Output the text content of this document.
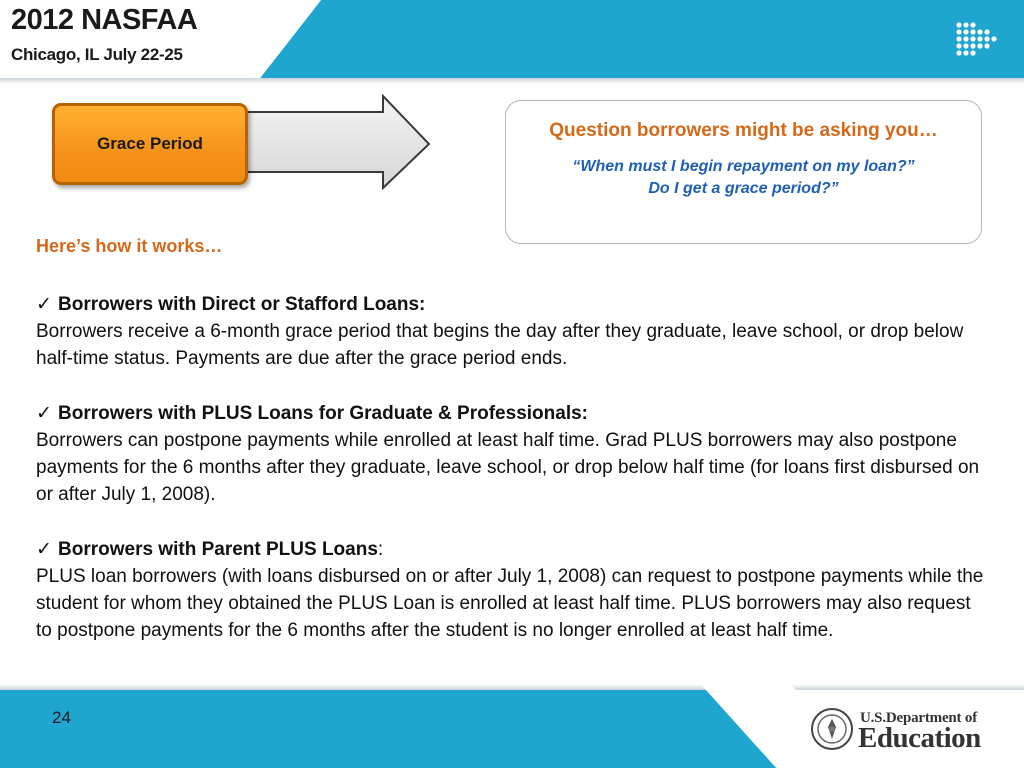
2012 NASFAA
Chicago, IL July 22-25
Grace Period
Question borrowers might be asking you…
“When must I begin repayment on my loan?”
Do I get a grace period?”
Here’s how it works…
✓ Borrowers with Direct or Stafford Loans:
Borrowers receive a 6-month grace period that begins the day after they graduate, leave school, or drop below half-time status. Payments are due after the grace period ends.
✓ Borrowers with PLUS Loans for Graduate & Professionals:
Borrowers can postpone payments while enrolled at least half time. Grad PLUS borrowers may also postpone payments for the 6 months after they graduate, leave school, or drop below half time (for loans first disbursed on or after July 1, 2008).
✓ Borrowers with Parent PLUS Loans:
PLUS loan borrowers (with loans disbursed on or after July 1, 2008) can request to postpone payments while the student for whom they obtained the PLUS Loan is enrolled at least half time. PLUS borrowers may also request to postpone payments for the 6 months after the student is no longer enrolled at least half time.
24	U.S.Department of
Education
